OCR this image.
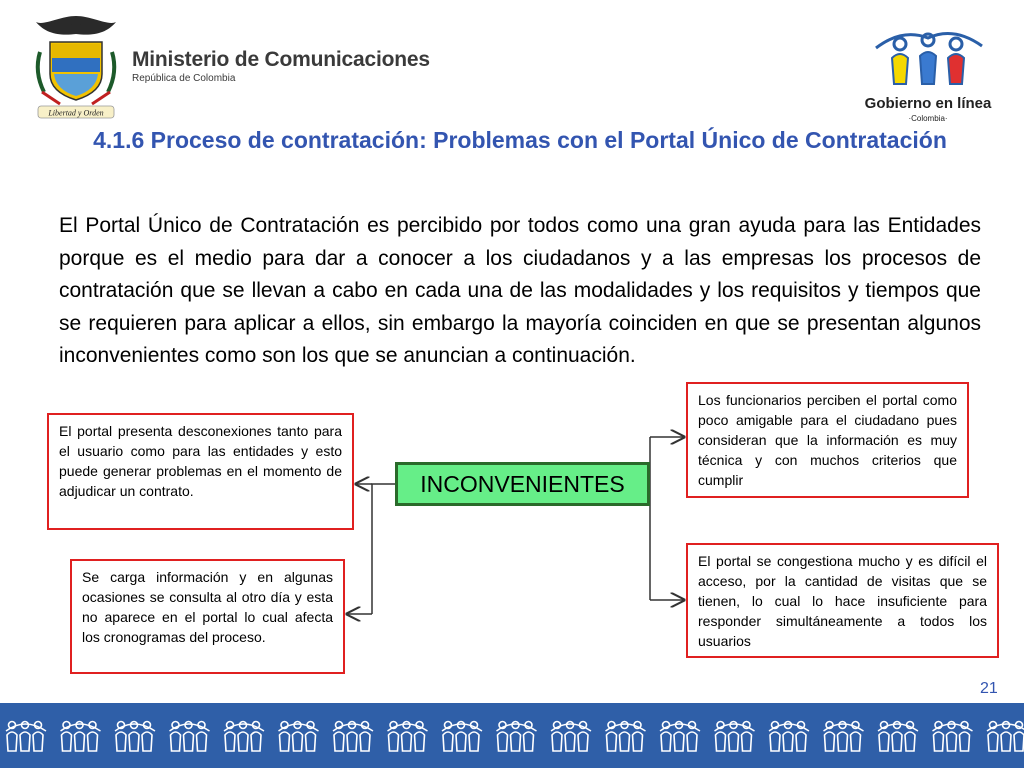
Libertad y Orden
Ministerio de Comunicaciones
República de Colombia
Gobierno en línea
·Colombia·
4.1.6 Proceso de contratación: Problemas con el Portal Único de Contratación
El Portal Único de Contratación es percibido por todos como una gran ayuda para las Entidades porque es el medio para dar a conocer a los ciudadanos y a las empresas los procesos de contratación que se llevan a cabo en cada una de las modalidades y los requisitos y tiempos que se requieren para aplicar a ellos, sin embargo la mayoría coinciden en que se presentan algunos inconvenientes como son los que se anuncian a continuación.

El portal presenta desconexiones tanto para el usuario como para las entidades y esto puede generar problemas en el momento de adjudicar un contrato.

Se carga información y en algunas ocasiones se consulta al otro día y esta no aparece en el portal lo cual afecta los cronogramas del proceso.

Los funcionarios perciben el portal como poco amigable para el ciudadano pues consideran que la información es muy técnica y con muchos criterios que cumplir

El portal se congestiona mucho y es difícil el acceso, por la cantidad de visitas que se tienen, lo cual lo hace insuficiente para responder simultáneamente a todos los usuarios

INCONVENIENTES
21
